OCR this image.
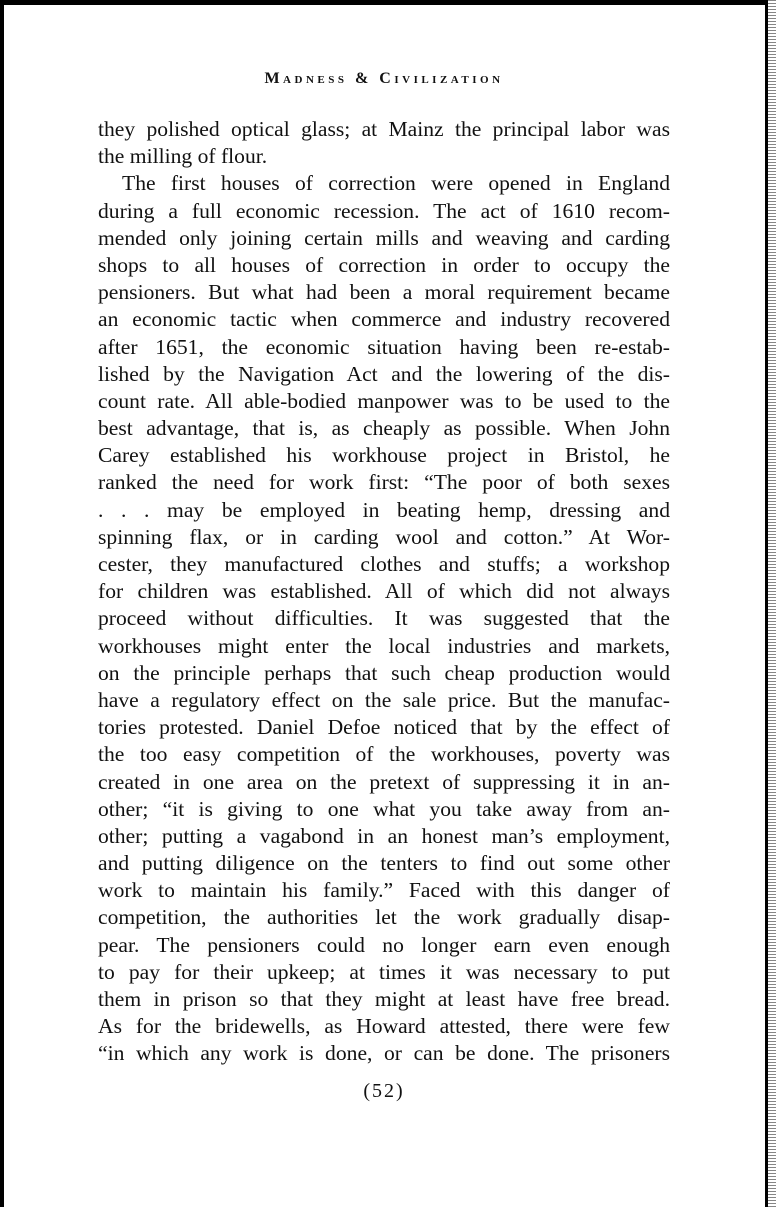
Madness & Civilization
they polished optical glass; at Mainz the principal labor was
the milling of flour.
The first houses of correction were opened in England
during a full economic recession. The act of 1610 recom-
mended only joining certain mills and weaving and carding
shops to all houses of correction in order to occupy the
pensioners. But what had been a moral requirement became
an economic tactic when commerce and industry recovered
after 1651, the economic situation having been re-estab-
lished by the Navigation Act and the lowering of the dis-
count rate. All able-bodied manpower was to be used to the
best advantage, that is, as cheaply as possible. When John
Carey established his workhouse project in Bristol, he
ranked the need for work first: “The poor of both sexes
. . . may be employed in beating hemp, dressing and
spinning flax, or in carding wool and cotton.” At Wor-
cester, they manufactured clothes and stuffs; a workshop
for children was established. All of which did not always
proceed without difficulties. It was suggested that the
workhouses might enter the local industries and markets,
on the principle perhaps that such cheap production would
have a regulatory effect on the sale price. But the manufac-
tories protested. Daniel Defoe noticed that by the effect of
the too easy competition of the workhouses, poverty was
created in one area on the pretext of suppressing it in an-
other; “it is giving to one what you take away from an-
other; putting a vagabond in an honest man’s employment,
and putting diligence on the tenters to find out some other
work to maintain his family.” Faced with this danger of
competition, the authorities let the work gradually disap-
pear. The pensioners could no longer earn even enough
to pay for their upkeep; at times it was necessary to put
them in prison so that they might at least have free bread.
As for the bridewells, as Howard attested, there were few
“in which any work is done, or can be done. The prisoners
(52)
